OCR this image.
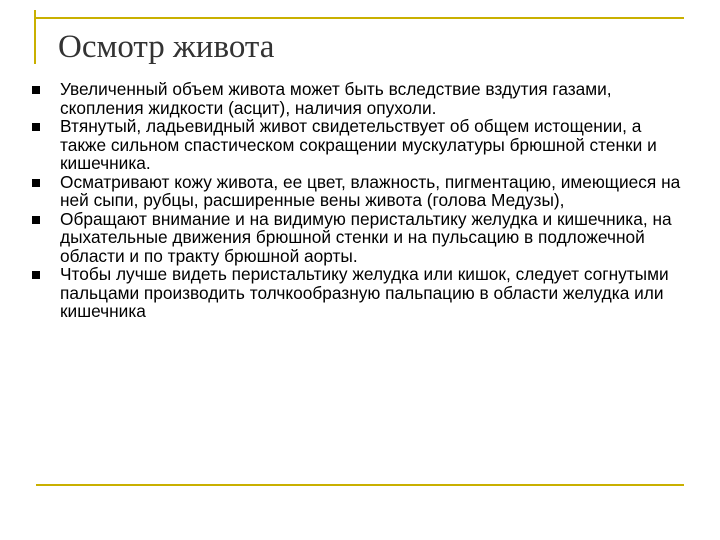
Осмотр живота
Увеличенный объем живота может быть вследствие вздутия газами, скопления жидкости (асцит), наличия опухоли.
Втянутый, ладьевидный живот свидетельствует об общем истощении, а также сильном спастическом сокращении мускулатуры брюшной стенки и кишечника.
Осматривают кожу живота, ее цвет, влажность, пигментацию, имеющиеся на ней сыпи, рубцы, расширенные вены живота (голова Медузы),
Обращают внимание и на видимую перистальтику желудка и кишечника, на дыхательные движения брюшной стенки и на пульсацию в подложечной области и по тракту брюшной аорты.
Чтобы лучше видеть перистальтику желудка или кишок, следует согнутыми пальцами производить толчкообразную пальпацию в области желудка или кишечника
